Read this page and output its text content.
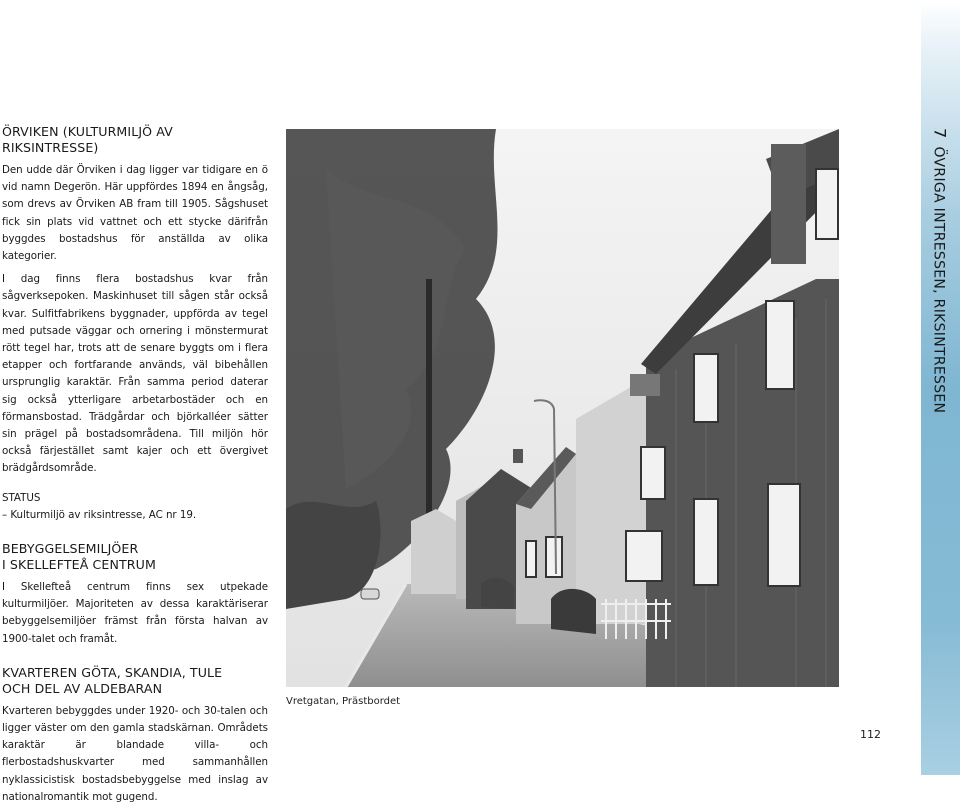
ÖRVIKEN (KULTURMILJÖ AV RIKSINTRESSE)

Den udde där Örviken i dag ligger var tidigare en ö vid namn Degerön. Här uppfördes 1894 en ångsåg, som drevs av Örviken AB fram till 1905. Sågshuset fick sin plats vid vattnet och ett stycke därifrån byggdes bostadshus för anställda av olika kategorier.

I dag finns flera bostadshus kvar från sågverksepoken. Maskinhuset till sågen står också kvar. Sulfitfabrikens byggnader, uppförda av tegel med putsade väggar och ornering i mönstermurat rött tegel har, trots att de senare byggts om i flera etapper och fortfarande används, väl bibehållen ursprunglig karaktär. Från samma period daterar sig också ytterligare arbetarbostäder och en förmansbostad. Trädgårdar och björkalléer sätter sin prägel på bostadsområdena. Till miljön hör också färjestället samt kajer och ett övergivet brädgårdsområde.

STATUS

– Kulturmiljö av riksintresse, AC nr 19.

BEBYGGELSEMILJÖER
I SKELLEFTEÅ CENTRUM

I Skellefteå centrum finns sex utpekade kulturmiljöer. Majoriteten av dessa karaktäriserar bebyggelsemiljöer främst från första halvan av 1900-talet och framåt.

KVARTEREN GÖTA, SKANDIA, TULE
OCH DEL AV ALDEBARAN

Kvarteren bebyggdes under 1920- och 30-talen och ligger väster om den gamla stadskärnan. Områdets karaktär är blandade villa- och flerbostadshuskvarter med sammanhållen nyklassicistisk bostadsbebyggelse med inslag av nationalromantik mot gugend.

Vretgatan, Prästbordet
112
7ÖVRIGA INTRESSEN, RIKSINTRESSEN
